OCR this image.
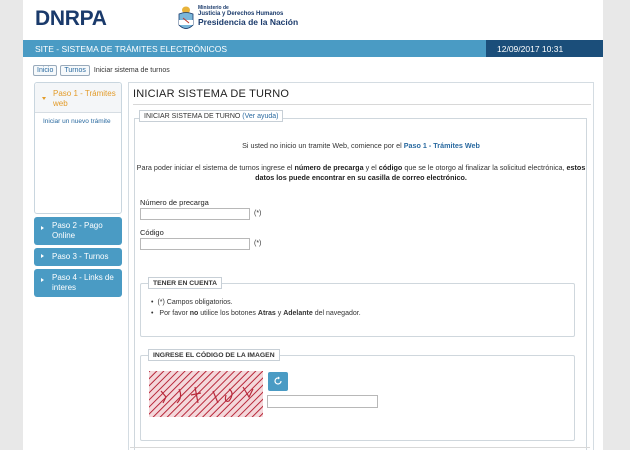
DNRPA	Ministerio de
Justicia y Derechos Humanos
Presidencia de la Nación
SITE - SISTEMA DE TRÁMITES ELECTRÓNICOS	12/09/2017 10:31
Inicio	Turnos	Iniciar sistema de turnos
Paso 1 - Trámites web
Iniciar un nuevo trámite
Paso 2 - Pago Online
Paso 3 - Turnos
Paso 4 - Links de interes
INICIAR SISTEMA DE TURNO
INICIAR SISTEMA DE TURNO (Ver ayuda)
Si usted no inicio un tramite Web, comience por el Paso 1 - Trámites Web
Para poder iniciar el sistema de turnos ingrese el número de precarga y el código que se le otorgo al finalizar la solicitud electrónica, estos datos los puede encontrar en su casilla de correo electrónico.
Número de precarga
(*)
Código
(*)
TENER EN CUENTA
• (*) Campos obligatorios.
• Por favor no utilice los botones Atras y Adelante del navegador.
INGRESE EL CÓDIGO DE LA IMAGEN
